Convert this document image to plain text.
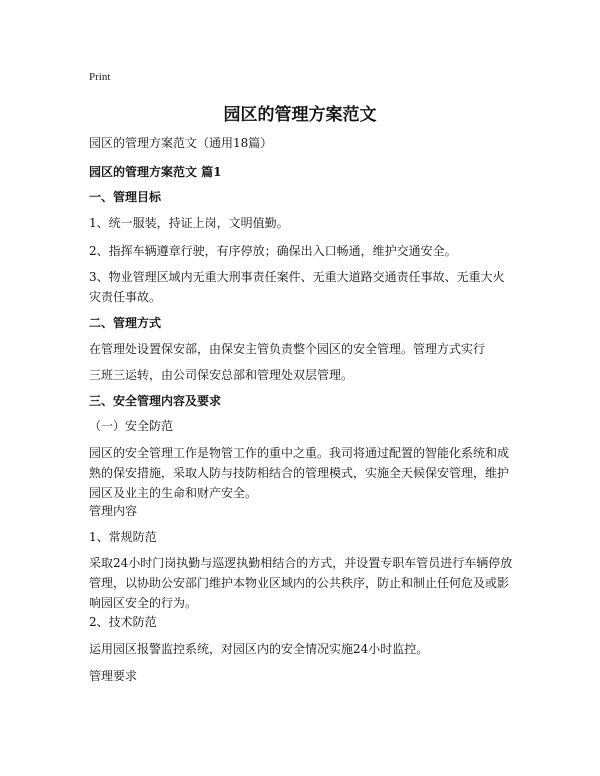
Print
园区的管理方案范文

园区的管理方案范文（通用18篇）

园区的管理方案范文 篇1

一、管理目标

1、统一服装，持证上岗，文明值勤。

2、指挥车辆遵章行驶，有序停放；确保出入口畅通，维护交通安全。

3、物业管理区域内无重大刑事责任案件、无重大道路交通责任事故、无重大火灾责任事故。

二、管理方式

在管理处设置保安部，由保安主管负责整个园区的安全管理。管理方式实行

三班三运转，由公司保安总部和管理处双层管理。

三、安全管理内容及要求

（一）安全防范

园区的安全管理工作是物管工作的重中之重。我司将通过配置的智能化系统和成熟的保安措施，采取人防与技防相结合的管理模式，实施全天候保安管理，维护园区及业主的生命和财产安全。

管理内容

1、常规防范

采取24小时门岗执勤与巡逻执勤相结合的方式，并设置专职车管员进行车辆停放管理，以协助公安部门维护本物业区域内的公共秩序，防止和制止任何危及或影响园区安全的行为。

2、技术防范

运用园区报警监控系统，对园区内的安全情况实施24小时监控。

管理要求
